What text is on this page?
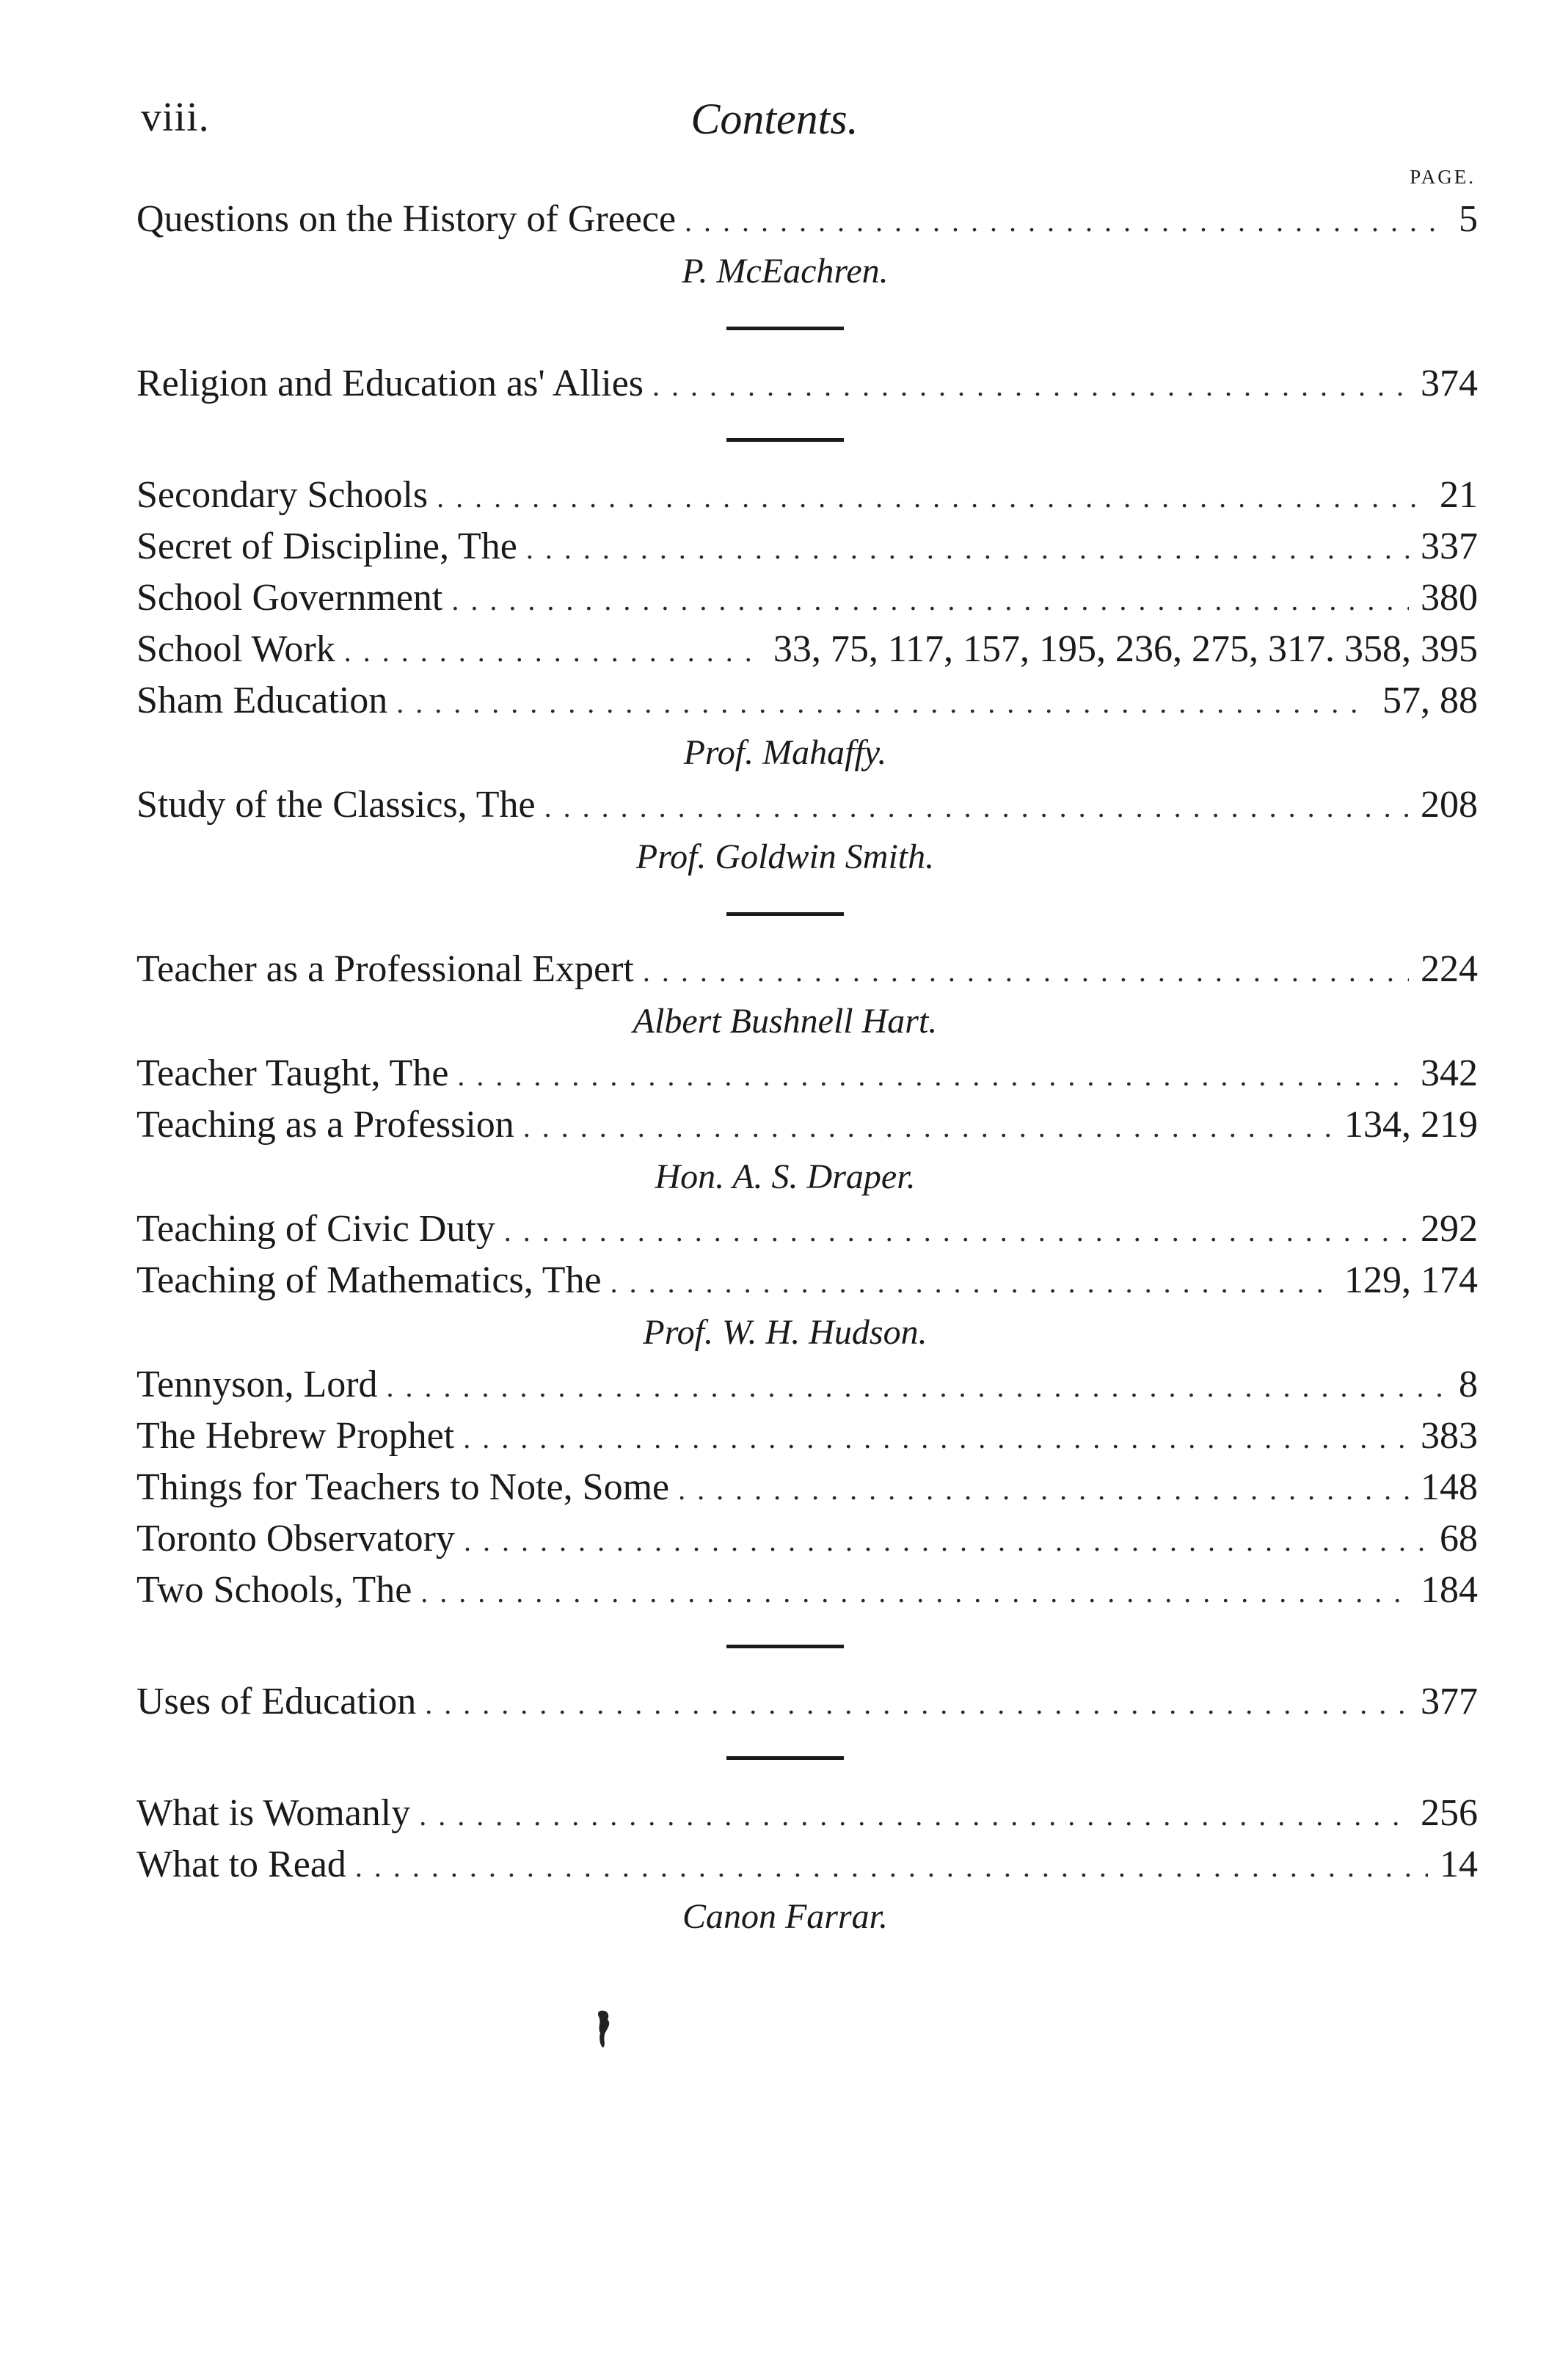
viii.	Contents.
PAGE.
Questions on the History of Greece .....	5
P. McEachren.
Religion and Education as' Allies .....	374
Secondary Schools .....	21
Secret of Discipline, The .....	337
School Government .....	380
School Work .....	33, 75, 117, 157, 195, 236, 275, 317. 358, 395
Sham Education .....	57, 88
Prof. Mahaffy.
Study of the Classics, The .....	208
Prof. Goldwin Smith.
Teacher as a Professional Expert .....	224
Albert Bushnell Hart.
Teacher Taught, The .....	342
Teaching as a Profession .....	134, 219
Hon. A. S. Draper.
Teaching of Civic Duty .....	292
Teaching of Mathematics, The .....	129, 174
Prof. W. H. Hudson.
Tennyson, Lord .....	8
The Hebrew Prophet .....	383
Things for Teachers to Note, Some .....	148
Toronto Observatory .....	68
Two Schools, The .....	184
Uses of Education .....	377
What is Womanly .....	256
What to Read .....	14
Canon Farrar.
